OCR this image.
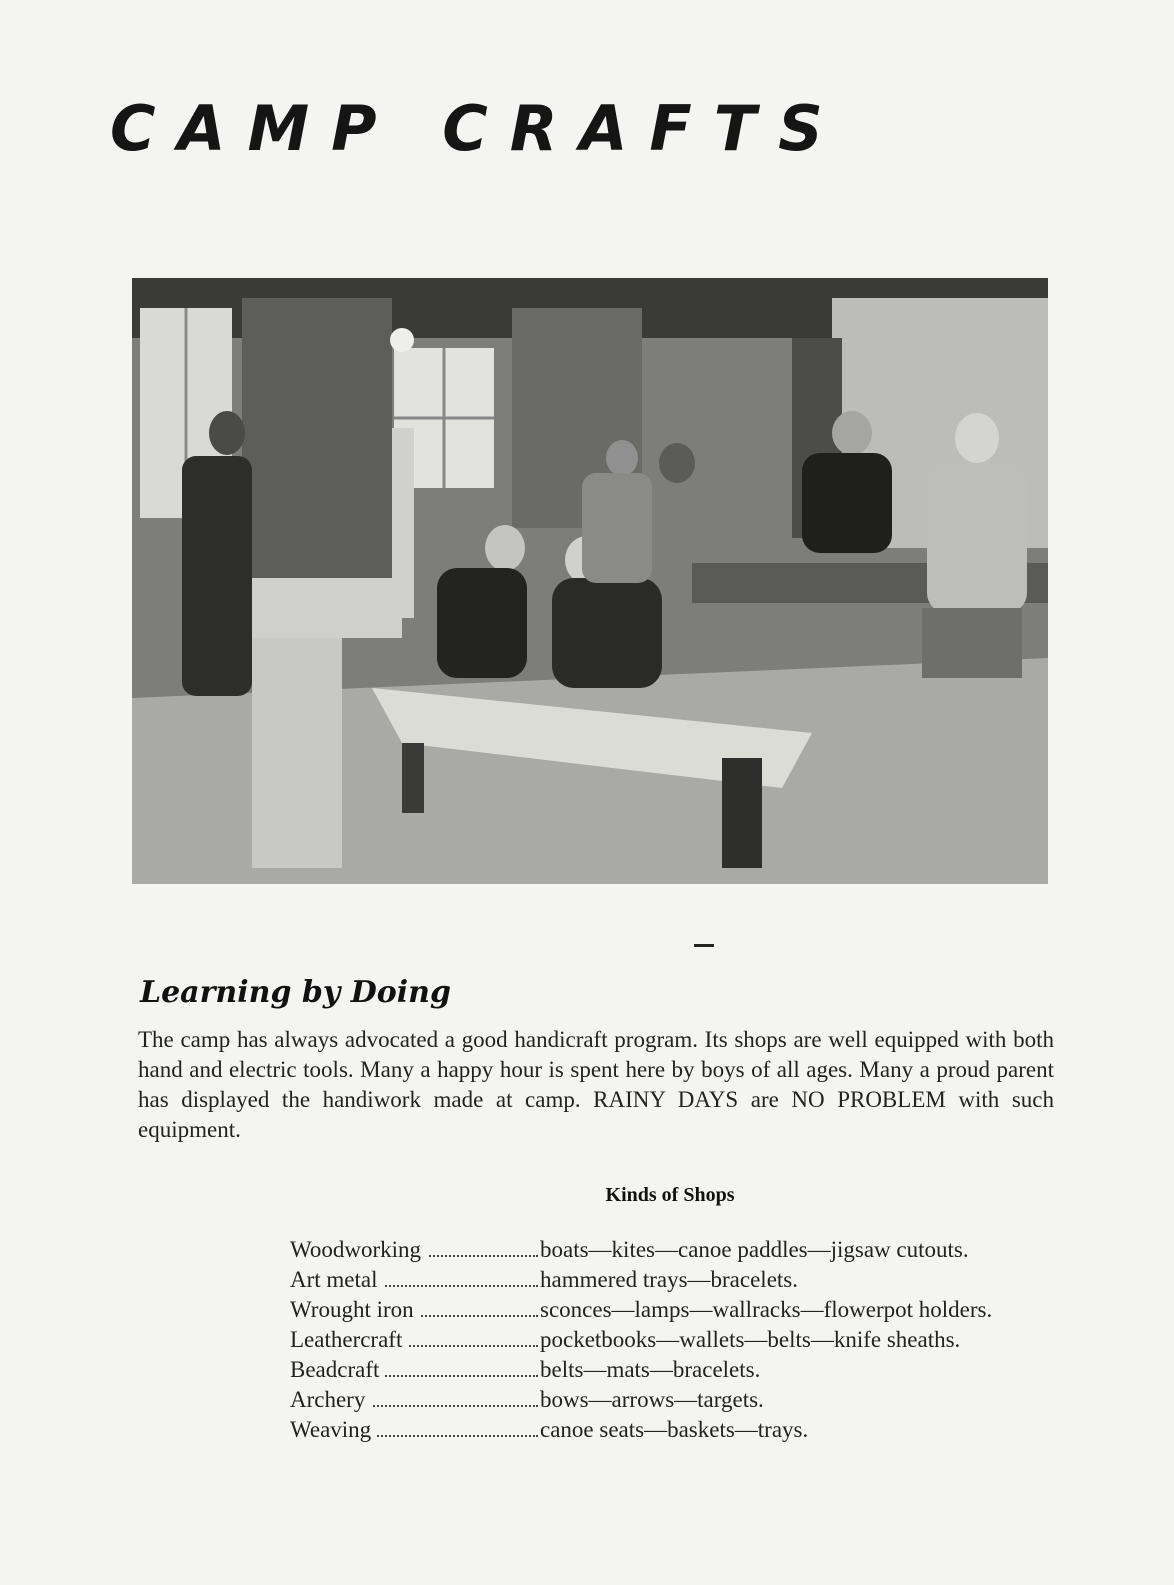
CAMP CRAFTS
Learning by Doing
The camp has always advocated a good handicraft program. Its shops are well equipped with both hand and electric tools. Many a happy hour is spent here by boys of all ages. Many a proud parent has displayed the handiwork made at camp. RAINY DAYS are NO PROBLEM with such equipment.
Kinds of Shops
Woodworking	boats—kites—canoe paddles—jigsaw cutouts.
Art metal	hammered trays—bracelets.
Wrought iron	sconces—lamps—wallracks—flowerpot holders.
Leathercraft	pocketbooks—wallets—belts—knife sheaths.
Beadcraft	belts—mats—bracelets.
Archery	bows—arrows—targets.
Weaving	canoe seats—baskets—trays.
